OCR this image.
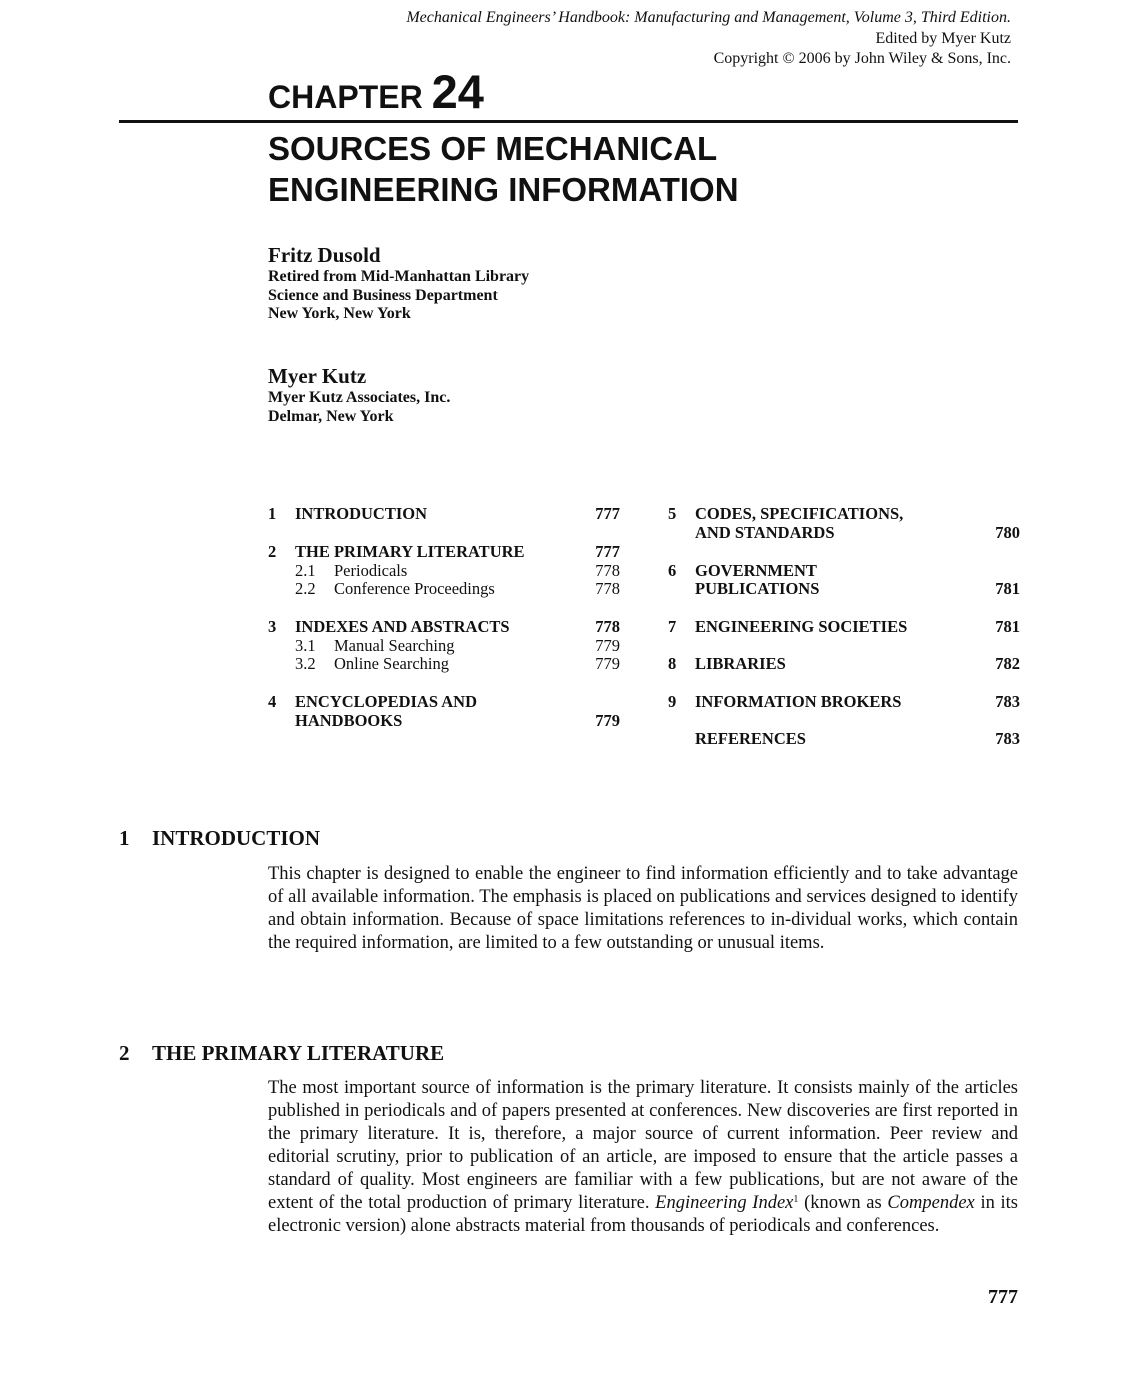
Mechanical Engineers’ Handbook: Manufacturing and Management, Volume 3, Third Edition.
Edited by Myer Kutz
Copyright © 2006 by John Wiley & Sons, Inc.
CHAPTER 24
SOURCES OF MECHANICAL
ENGINEERING INFORMATION
Fritz Dusold
Retired from Mid-Manhattan Library
Science and Business Department
New York, New York
Myer Kutz
Myer Kutz Associates, Inc.
Delmar, New York
1 INTRODUCTION	777
2 THE PRIMARY LITERATURE	777
2.1 Periodicals	778
2.2 Conference Proceedings	778
3 INDEXES AND ABSTRACTS	778
3.1 Manual Searching	779
3.2 Online Searching	779
4 ENCYCLOPEDIAS AND
HANDBOOKS	779
5 CODES, SPECIFICATIONS,
AND STANDARDS	780
6 GOVERNMENT
PUBLICATIONS	781
7 ENGINEERING SOCIETIES	781
8 LIBRARIES	782
9 INFORMATION BROKERS	783
REFERENCES	783
1 INTRODUCTION
This chapter is designed to enable the engineer to find information efficiently and to take advantage of all available information. The emphasis is placed on publications and services designed to identify and obtain information. Because of space limitations references to in-dividual works, which contain the required information, are limited to a few outstanding or unusual items.
2 THE PRIMARY LITERATURE
The most important source of information is the primary literature. It consists mainly of the articles published in periodicals and of papers presented at conferences. New discoveries are first reported in the primary literature. It is, therefore, a major source of current information. Peer review and editorial scrutiny, prior to publication of an article, are imposed to ensure that the article passes a standard of quality. Most engineers are familiar with a few publications, but are not aware of the extent of the total production of primary literature. Engineering Index$^1$ (known as Compendex in its electronic version) alone abstracts material from thousands of periodicals and conferences.
777
